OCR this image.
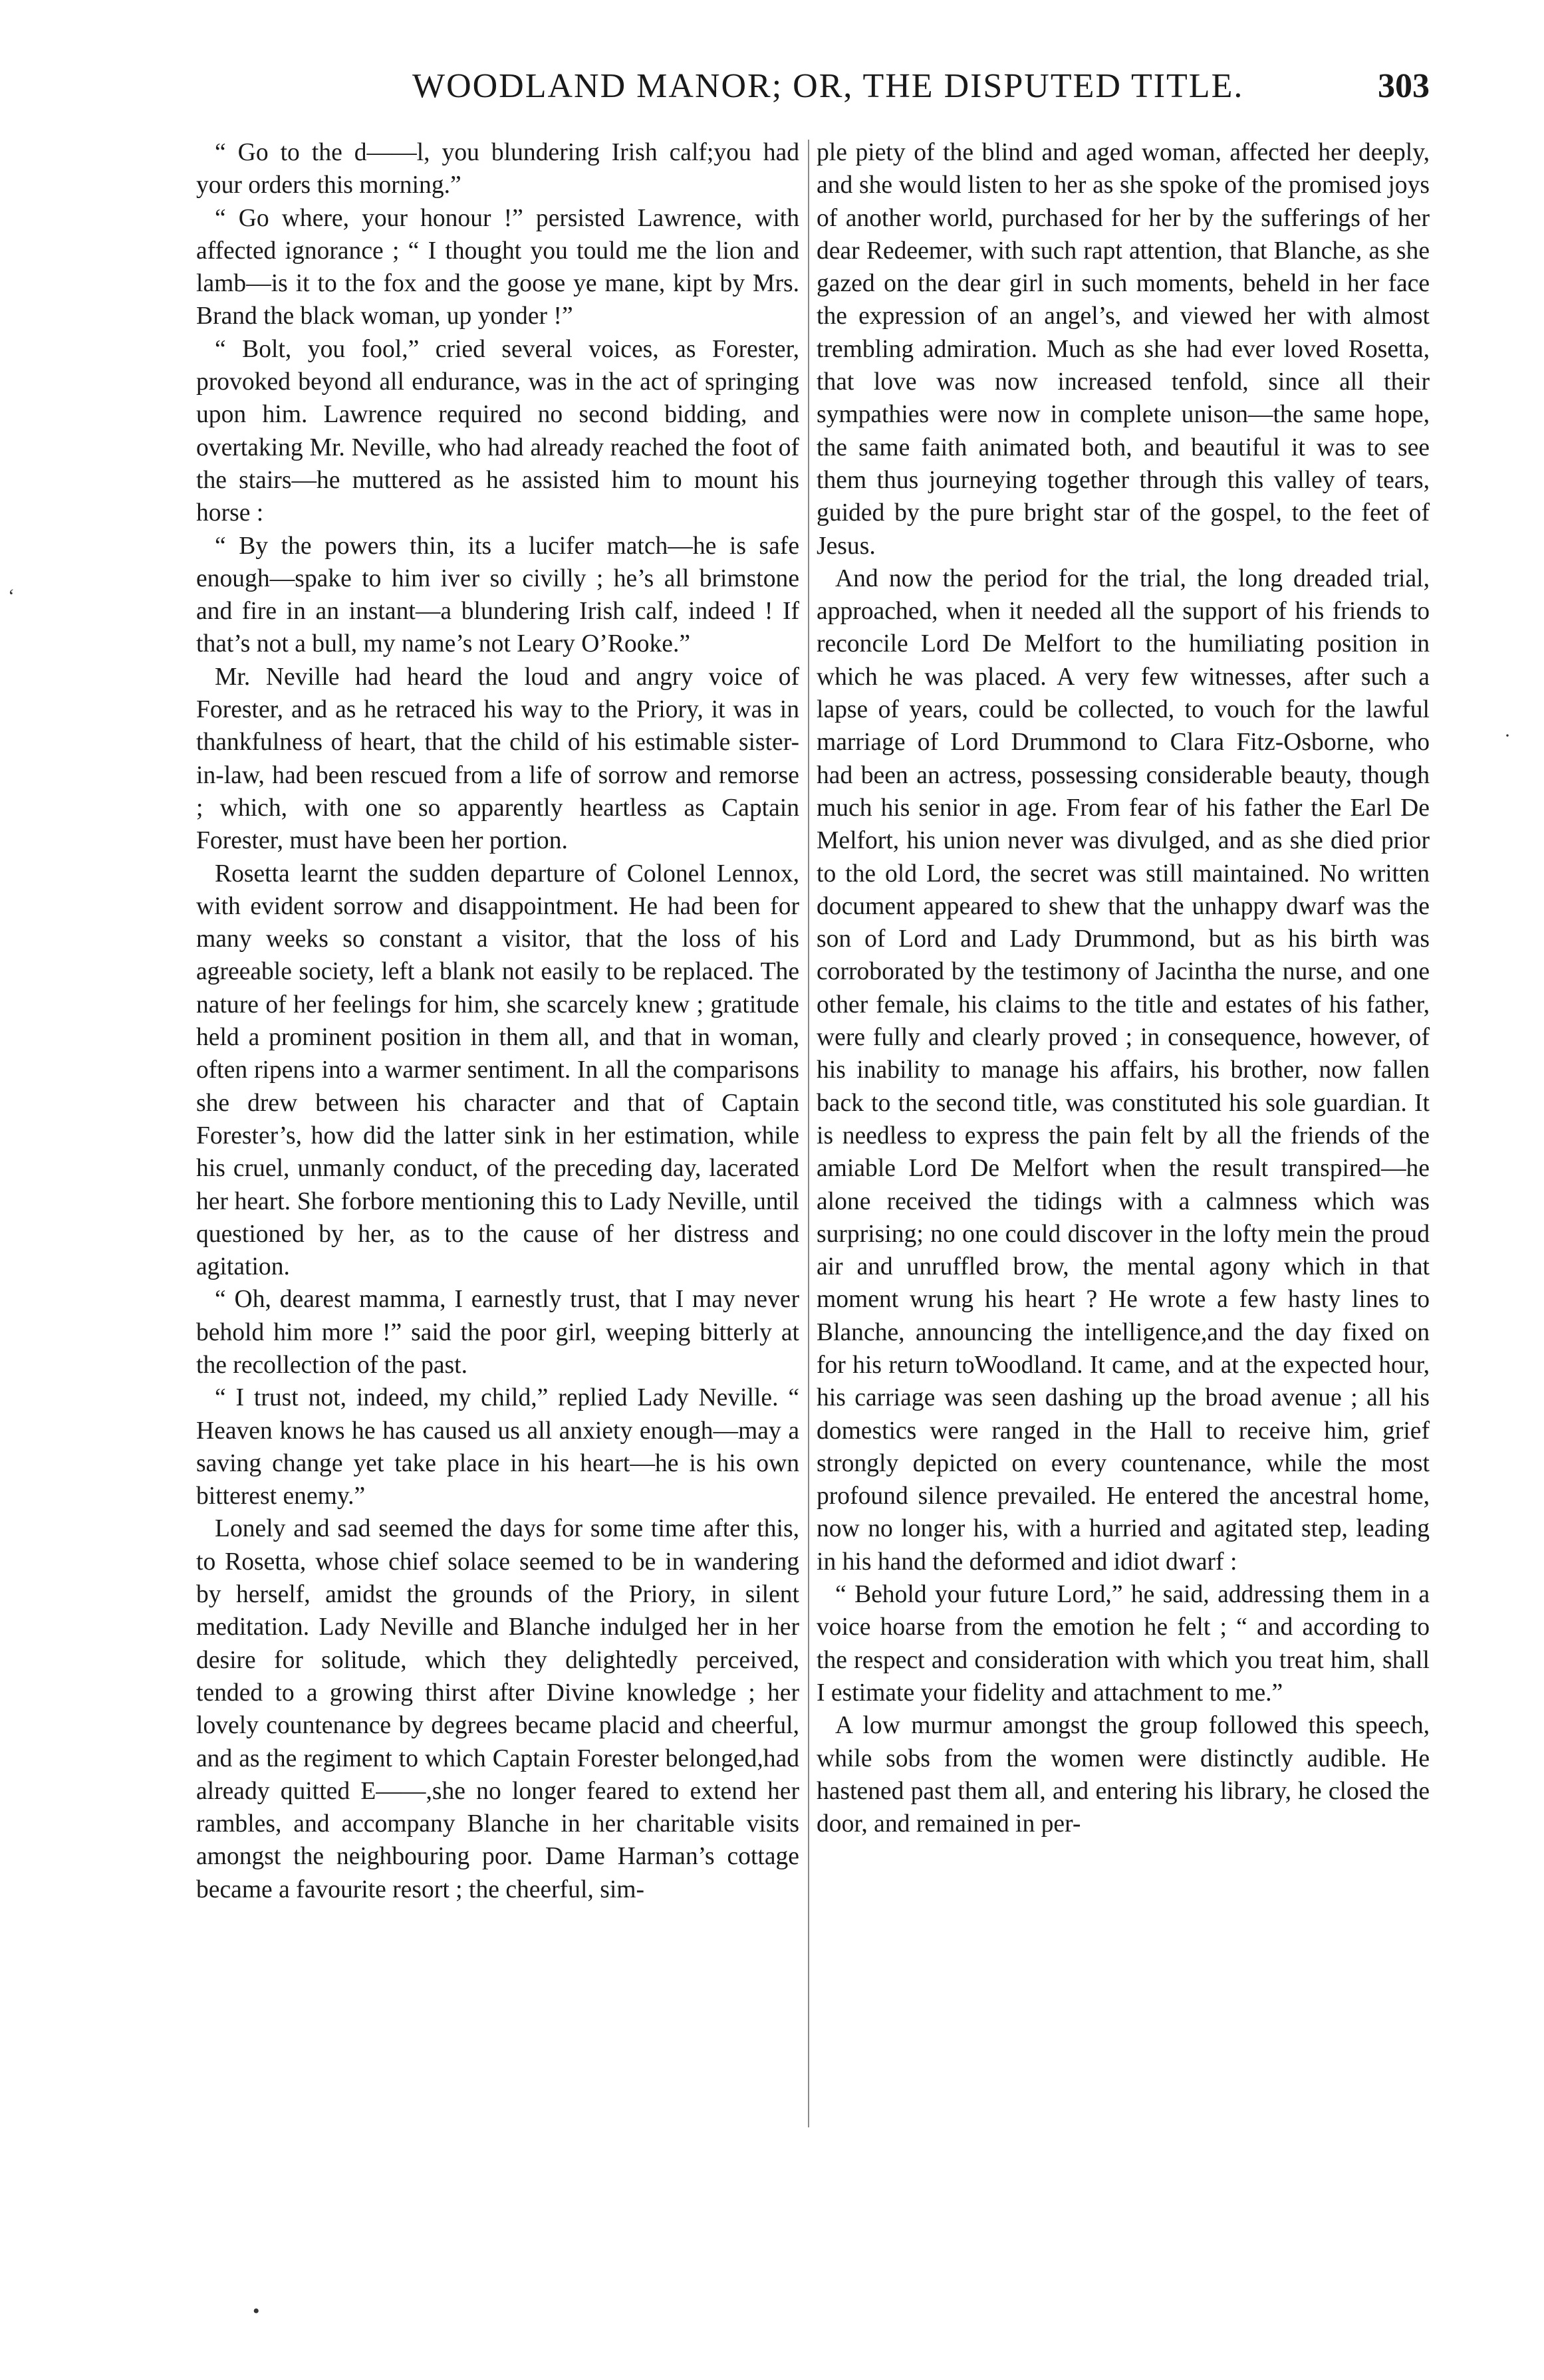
WOODLAND MANOR; OR, THE DISPUTED TITLE.	303

“ Go to the d——l, you blundering Irish calf;you had your orders this morning.”

“ Go where, your honour !” persisted Lawrence, with affected ignorance ; “ I thought you tould me the lion and lamb—is it to the fox and the goose ye mane, kipt by Mrs. Brand the black woman, up yonder !”

“ Bolt, you fool,” cried several voices, as Forester, provoked beyond all endurance, was in the act of springing upon him. Lawrence required no second bidding, and overtaking Mr. Neville, who had already reached the foot of the stairs—he muttered as he assisted him to mount his horse :

“ By the powers thin, its a lucifer match—he is safe enough—spake to him iver so civilly ; he’s all brimstone and fire in an instant—a blundering Irish calf, indeed ! If that’s not a bull, my name’s not Leary O’Rooke.”

Mr. Neville had heard the loud and angry voice of Forester, and as he retraced his way to the Priory, it was in thankfulness of heart, that the child of his estimable sister-in-law, had been rescued from a life of sorrow and remorse ; which, with one so apparently heartless as Captain Forester, must have been her portion.

Rosetta learnt the sudden departure of Colonel Lennox, with evident sorrow and disappointment. He had been for many weeks so constant a visitor, that the loss of his agreeable society, left a blank not easily to be replaced. The nature of her feelings for him, she scarcely knew ; gratitude held a prominent position in them all, and that in woman, often ripens into a warmer sentiment. In all the comparisons she drew between his character and that of Captain Forester’s, how did the latter sink in her estimation, while his cruel, unmanly conduct, of the preceding day, lacerated her heart. She forbore mentioning this to Lady Neville, until questioned by her, as to the cause of her distress and agitation.

“ Oh, dearest mamma, I earnestly trust, that I may never behold him more !” said the poor girl, weeping bitterly at the recollection of the past.

“ I trust not, indeed, my child,” replied Lady Neville. “ Heaven knows he has caused us all anxiety enough—may a saving change yet take place in his heart—he is his own bitterest enemy.”

Lonely and sad seemed the days for some time after this, to Rosetta, whose chief solace seemed to be in wandering by herself, amidst the grounds of the Priory, in silent meditation. Lady Neville and Blanche indulged her in her desire for solitude, which they delightedly perceived, tended to a growing thirst after Divine knowledge ; her lovely countenance by degrees became placid and cheerful, and as the regiment to which Captain Forester belonged,had already quitted E——,she no longer feared to extend her rambles, and accompany Blanche in her charitable visits amongst the neighbouring poor. Dame Harman’s cottage became a favourite resort ; the cheerful, sim-

ple piety of the blind and aged woman, affected her deeply, and she would listen to her as she spoke of the promised joys of another world, purchased for her by the sufferings of her dear Redeemer, with such rapt attention, that Blanche, as she gazed on the dear girl in such moments, beheld in her face the expression of an angel’s, and viewed her with almost trembling admiration. Much as she had ever loved Rosetta, that love was now increased tenfold, since all their sympathies were now in complete unison—the same hope, the same faith animated both, and beautiful it was to see them thus journeying together through this valley of tears, guided by the pure bright star of the gospel, to the feet of Jesus.

And now the period for the trial, the long dreaded trial, approached, when it needed all the support of his friends to reconcile Lord De Melfort to the humiliating position in which he was placed. A very few witnesses, after such a lapse of years, could be collected, to vouch for the lawful marriage of Lord Drummond to Clara Fitz-Osborne, who had been an actress, possessing considerable beauty, though much his senior in age. From fear of his father the Earl De Melfort, his union never was divulged, and as she died prior to the old Lord, the secret was still maintained. No written document appeared to shew that the unhappy dwarf was the son of Lord and Lady Drummond, but as his birth was corroborated by the testimony of Jacintha the nurse, and one other female, his claims to the title and estates of his father, were fully and clearly proved ; in consequence, however, of his inability to manage his affairs, his brother, now fallen back to the second title, was constituted his sole guardian. It is needless to express the pain felt by all the friends of the amiable Lord De Melfort when the result transpired—he alone received the tidings with a calmness which was surprising; no one could discover in the lofty mein the proud air and unruffled brow, the mental agony which in that moment wrung his heart ? He wrote a few hasty lines to Blanche, announcing the intelligence,and the day fixed on for his return toWoodland. It came, and at the expected hour, his carriage was seen dashing up the broad avenue ; all his domestics were ranged in the Hall to receive him, grief strongly depicted on every countenance, while the most profound silence prevailed. He entered the ancestral home, now no longer his, with a hurried and agitated step, leading in his hand the deformed and idiot dwarf :

“ Behold your future Lord,” he said, addressing them in a voice hoarse from the emotion he felt ; “ and according to the respect and consideration with which you treat him, shall I estimate your fidelity and attachment to me.”

A low murmur amongst the group followed this speech, while sobs from the women were distinctly audible. He hastened past them all, and entering his library, he closed the door, and remained in per-

•
‘
·
